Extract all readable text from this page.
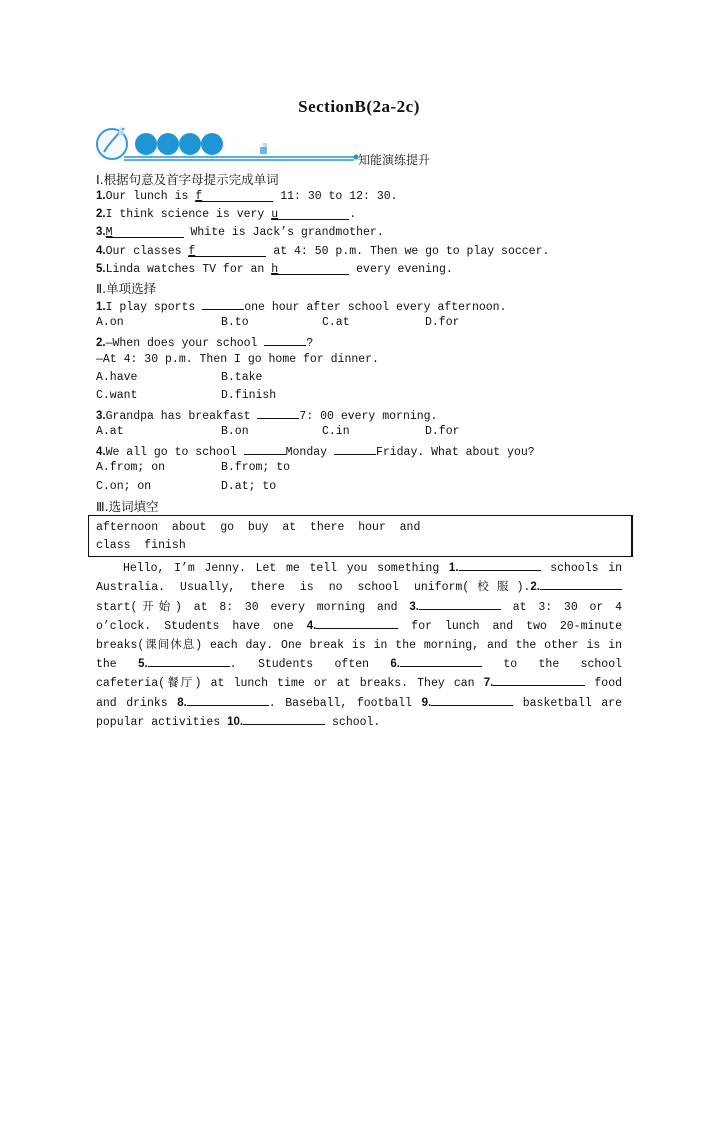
SectionB(2a-2c)
知能演练提升
Ⅰ.根据句意及首字母提示完成单词
1.Our lunch is f	11: 30 to 12: 30.
2.I think science is very u	.
3.M	White is Jack’s grandmother.
4.Our classes f	at 4: 50 p.m. Then we go to play soccer.
5.Linda watches TV for an h	every evening.
Ⅱ.单项选择
1.I play sports	one hour after school every afternoon.
A.on	B.to	C.at	D.for
2.—When does your school	?
—At 4: 30 p.m. Then I go home for dinner.
A.have	B.take
C.want	D.finish
3.Grandpa has breakfast	7: 00 every morning.
A.at	B.on	C.in	D.for
4.We all go to school	Monday	Friday. What about you?
A.from; on	B.from; to
C.on; on	D.at; to
Ⅲ.选词填空
afternoon  about  go  buy  at  there  hour  and
class  finish
Hello, I’m Jenny. Let me tell you something 1.	schools in
Australia. Usually, there is no school uniform(校服).2.
start(开始) at 8: 30 every morning and 3.	at 3: 30 or 4
o’clock. Students have one 4.	for lunch and two 20-minute
breaks(课间休息) each day. One break is in the morning, and the other is in
the 5.	. Students often 6.	to the school
cafeteria(餐厅) at lunch time or at breaks. They can 7.	food
and drinks 8.	. Baseball, football 9.	basketball are
popular activities 10.	school.
